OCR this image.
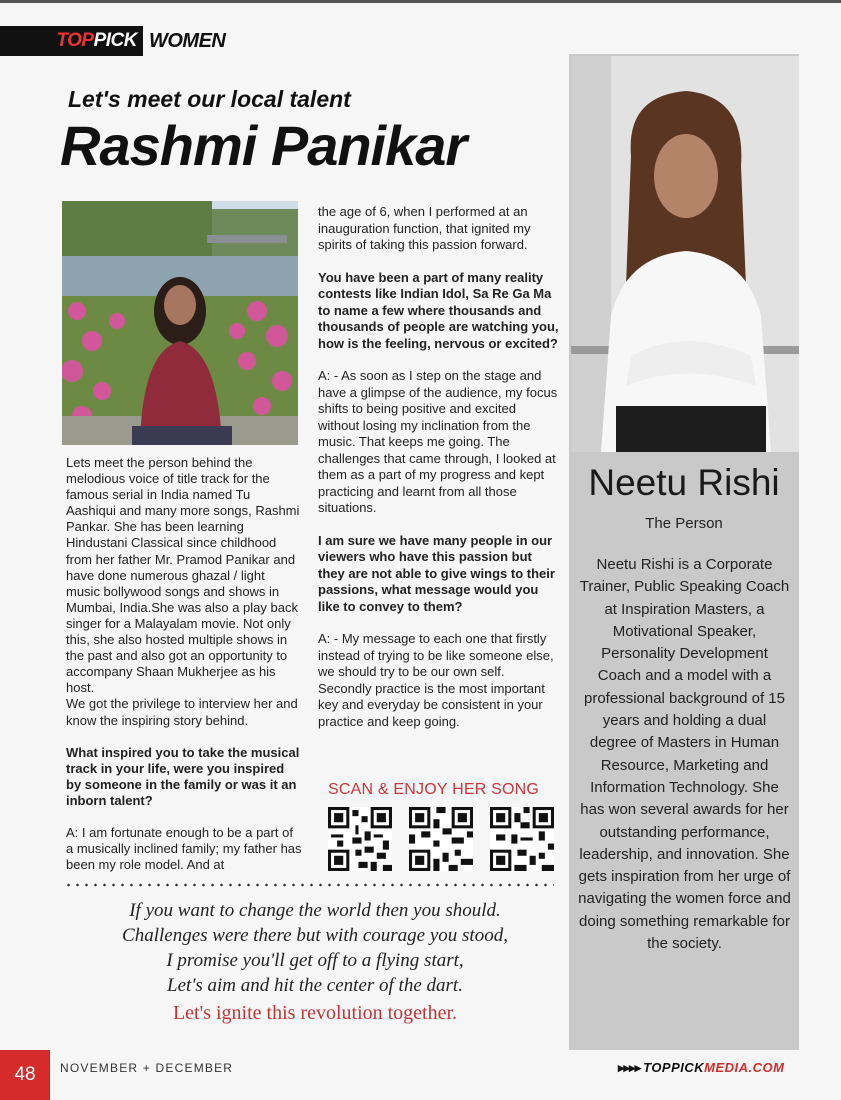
TOP PICK WOMEN
Let's meet our local talent
Rashmi Panikar

Lets meet the person behind the melodious voice of title track for the famous serial in India named Tu Aashiqui and many more songs, Rashmi Pankar. She has been learning Hindustani Classical since childhood from her father Mr. Pramod Panikar and have done numerous ghazal / light music bollywood songs and shows in Mumbai, India.She was also a play back singer for a Malayalam movie. Not only this, she also hosted multiple shows in the past and also got an opportunity to accompany Shaan Mukherjee as his host.
We got the privilege to interview her and know the inspiring story behind.

What inspired you to take the musical track in your life, were you inspired by someone in the family or was it an inborn talent?

A: I am fortunate enough to be a part of a musically inclined family; my father has been my role model. And at

the age of 6, when I performed at an inauguration function, that ignited my spirits of taking this passion forward.

You have been a part of many reality contests like Indian Idol, Sa Re Ga Ma to name a few where thousands and thousands of people are watching you, how is the feeling, nervous or excited?

A: - As soon as I step on the stage and have a glimpse of the audience, my focus shifts to being positive and excited without losing my inclination from the music. That keeps me going. The challenges that came through, I looked at them as a part of my progress and kept practicing and learnt from all those situations.

I am sure we have many people in our viewers who have this passion but they are not able to give wings to their passions, what message would you like to convey to them?

A: - My message to each one that firstly instead of trying to be like someone else, we should try to be our own self. Secondly practice is the most important key and everyday be consistent in your practice and keep going.

SCAN & ENJOY HER SONG
If you want to change the world then you should.
Challenges were there but with courage you stood,
I promise you'll get off to a flying start,
Let's aim and hit the center of the dart.
Let's ignite this revolution together.
Neetu Rishi
The Person
Neetu Rishi is a Corporate Trainer, Public Speaking Coach at Inspiration Masters, a Motivational Speaker, Personality Development Coach and a model with a professional background of 15 years and holding a dual degree of Masters in Human Resource, Marketing and Information Technology. She has won several awards for her outstanding performance, leadership, and innovation. She gets inspiration from her urge of navigating the women force and doing something remarkable for the society.
48	NOVEMBER + DECEMBER	▸▸▸▸ TOPPICKMEDIA.COM
